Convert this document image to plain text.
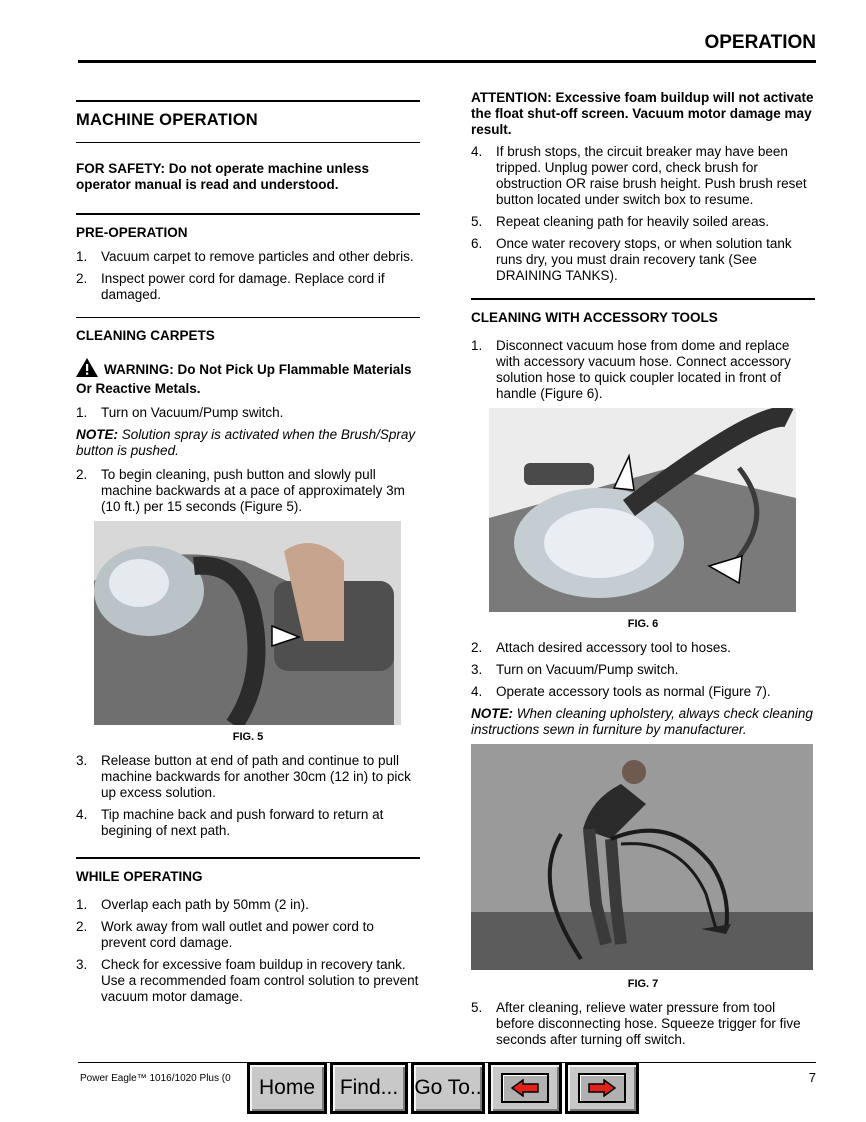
OPERATION
MACHINE OPERATION
FOR SAFETY: Do not operate machine unless operator manual is read and understood.
PRE-OPERATION
1.	Vacuum carpet to remove particles and other debris.
2.	Inspect power cord for damage. Replace cord if damaged.
CLEANING CARPETS
WARNING: Do Not Pick Up Flammable Materials Or Reactive Metals.
1.	Turn on Vacuum/Pump switch.
NOTE: Solution spray is activated when the Brush/Spray button is pushed.
2.	To begin cleaning, push button and slowly pull machine backwards at a pace of approximately 3m (10 ft.) per 15 seconds (Figure 5).
FIG. 5
3.	Release button at end of path and continue to pull machine backwards for another 30cm (12 in) to pick up excess solution.
4.	Tip machine back and push forward to return at begining of next path.
WHILE OPERATING
1.	Overlap each path by 50mm (2 in).
2.	Work away from wall outlet and power cord to prevent cord damage.
3.	Check for excessive foam buildup in recovery tank. Use a recommended foam control solution to prevent vacuum motor damage.
ATTENTION: Excessive foam buildup will not activate the float shut-off screen. Vacuum motor damage may result.
4.	If brush stops, the circuit breaker may have been tripped. Unplug power cord, check brush for obstruction OR raise brush height. Push brush reset button located under switch box to resume.
5.	Repeat cleaning path for heavily soiled areas.
6.	Once water recovery stops, or when solution tank runs dry, you must drain recovery tank (See DRAINING TANKS).
CLEANING WITH ACCESSORY TOOLS
1.	Disconnect vacuum hose from dome and replace with accessory vacuum hose. Connect accessory solution hose to quick coupler located in front of handle (Figure 6).
FIG. 6
2.	Attach desired accessory tool to hoses.
3.	Turn on Vacuum/Pump switch.
4.	Operate accessory tools as normal (Figure 7).
NOTE: When cleaning upholstery, always check cleaning instructions sewn in furniture by manufacturer.
FIG. 7
5.	After cleaning, relieve water pressure from tool before disconnecting hose. Squeeze trigger for five seconds after turning off switch.
Power Eagle™ 1016/1020 Plus (0	7
Home Find... Go To..
